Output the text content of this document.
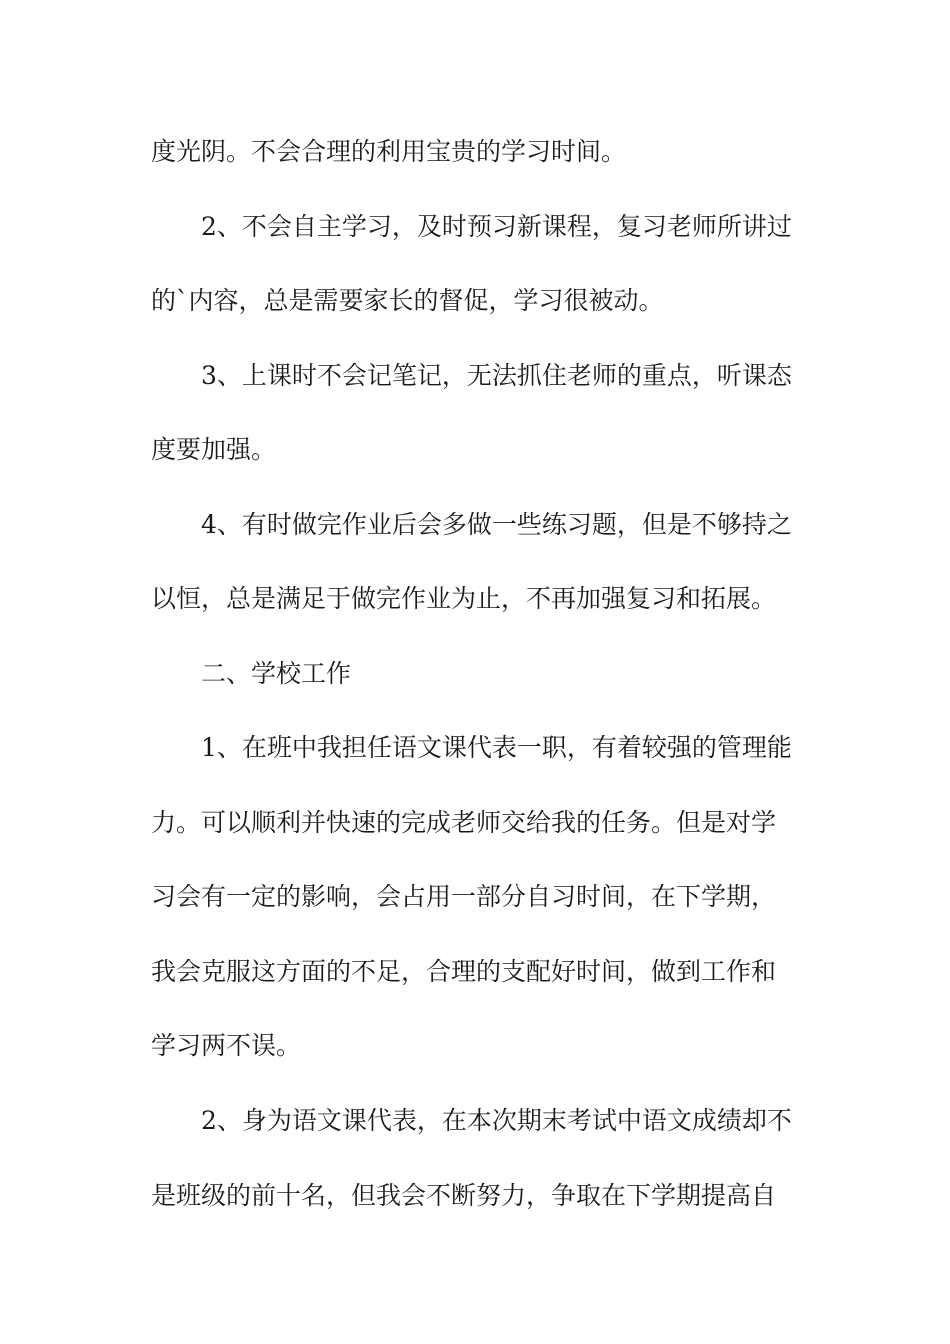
度光阴。不会合理的利用宝贵的学习时间。
2、不会自主学习，及时预习新课程，复习老师所讲过
的`内容，总是需要家长的督促，学习很被动。
3、上课时不会记笔记，无法抓住老师的重点，听课态
度要加强。
4、有时做完作业后会多做一些练习题，但是不够持之
以恒，总是满足于做完作业为止，不再加强复习和拓展。
二、学校工作
1、在班中我担任语文课代表一职，有着较强的管理能
力。可以顺利并快速的完成老师交给我的任务。但是对学
习会有一定的影响，会占用一部分自习时间，在下学期，
我会克服这方面的不足，合理的支配好时间，做到工作和
学习两不误。
2、身为语文课代表，在本次期末考试中语文成绩却不
是班级的前十名，但我会不断努力，争取在下学期提高自
